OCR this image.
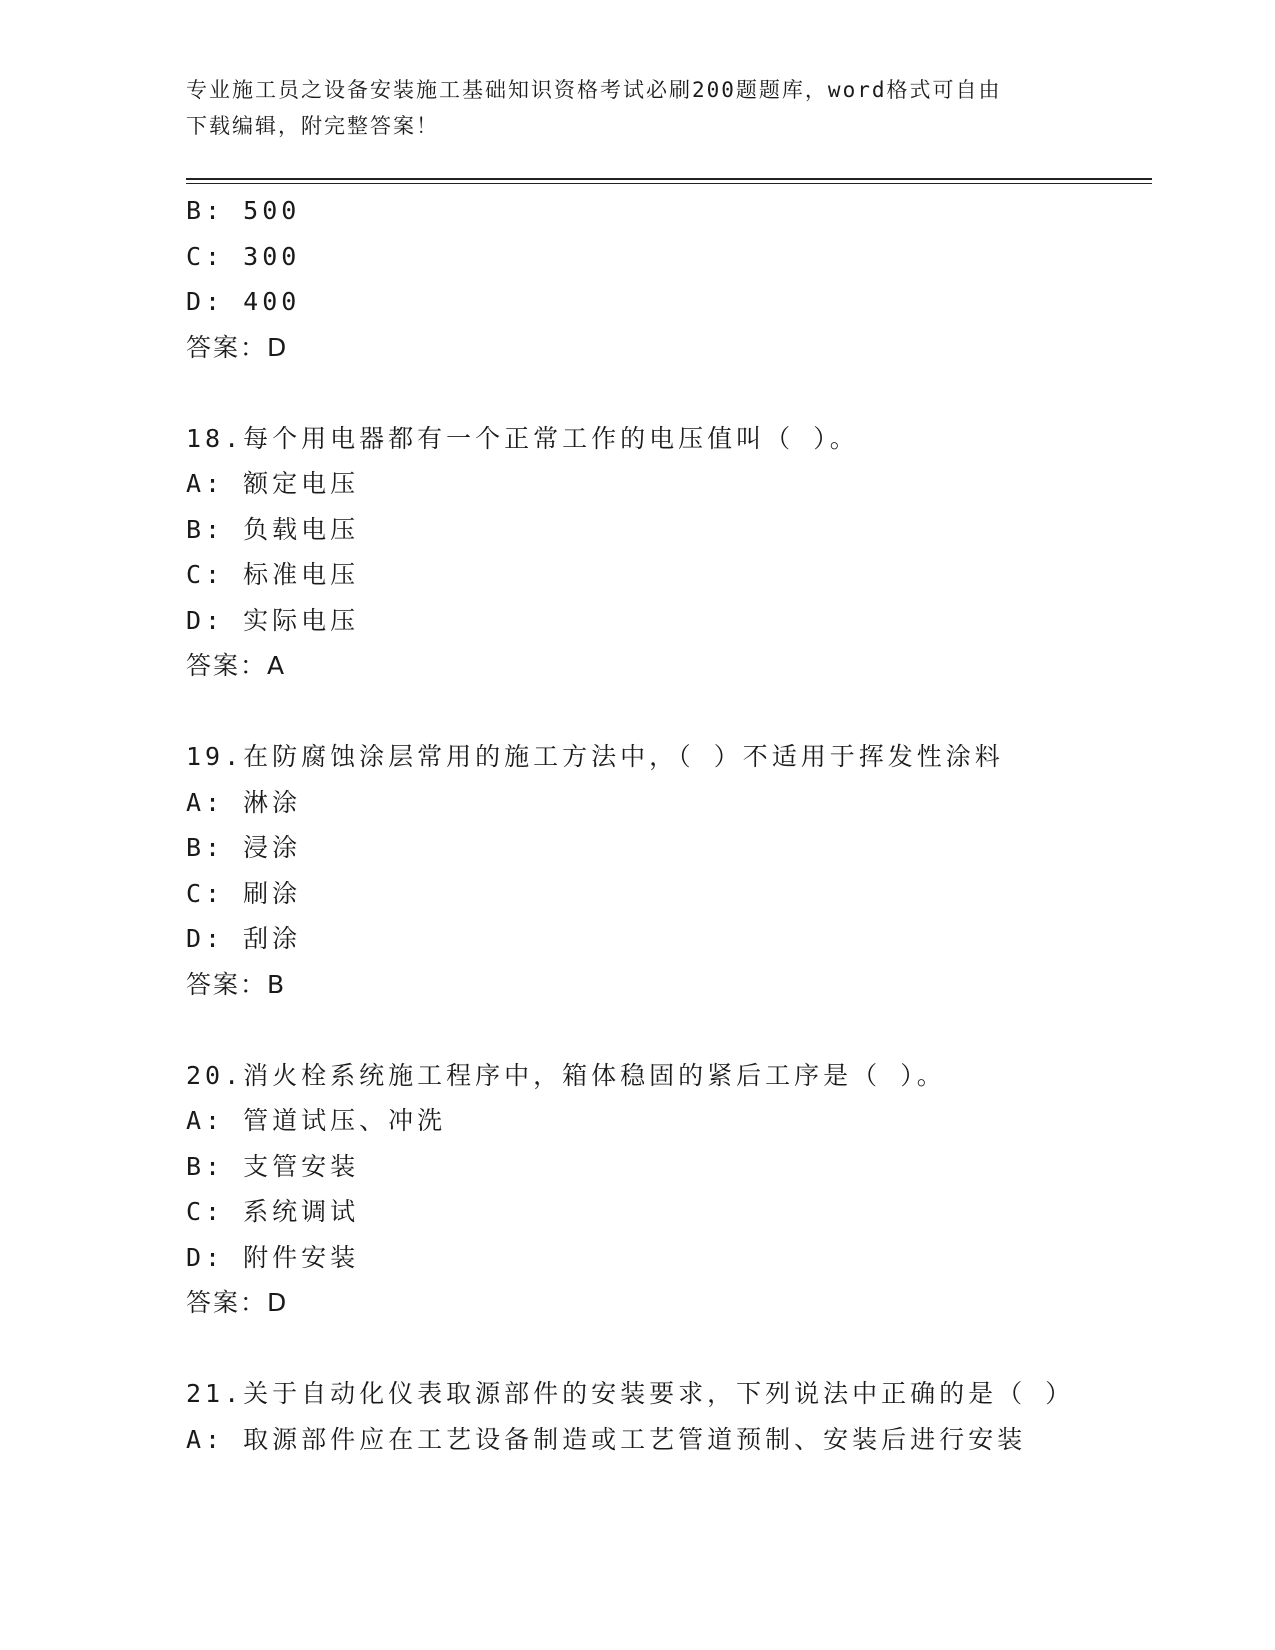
专业施工员之设备安装施工基础知识资格考试必刷200题题库，word格式可自由
下载编辑，附完整答案！
B: 500
C: 300
D: 400
答案：D
18.每个用电器都有一个正常工作的电压值叫（ ）。
A: 额定电压
B: 负载电压
C: 标准电压
D: 实际电压
答案：A
19.在防腐蚀涂层常用的施工方法中，（ ）不适用于挥发性涂料
A: 淋涂
B: 浸涂
C: 刷涂
D: 刮涂
答案：B
20.消火栓系统施工程序中，箱体稳固的紧后工序是（ ）。
A: 管道试压、冲洗
B: 支管安装
C: 系统调试
D: 附件安装
答案：D
21.关于自动化仪表取源部件的安装要求，下列说法中正确的是（ ）
A: 取源部件应在工艺设备制造或工艺管道预制、安装后进行安装
